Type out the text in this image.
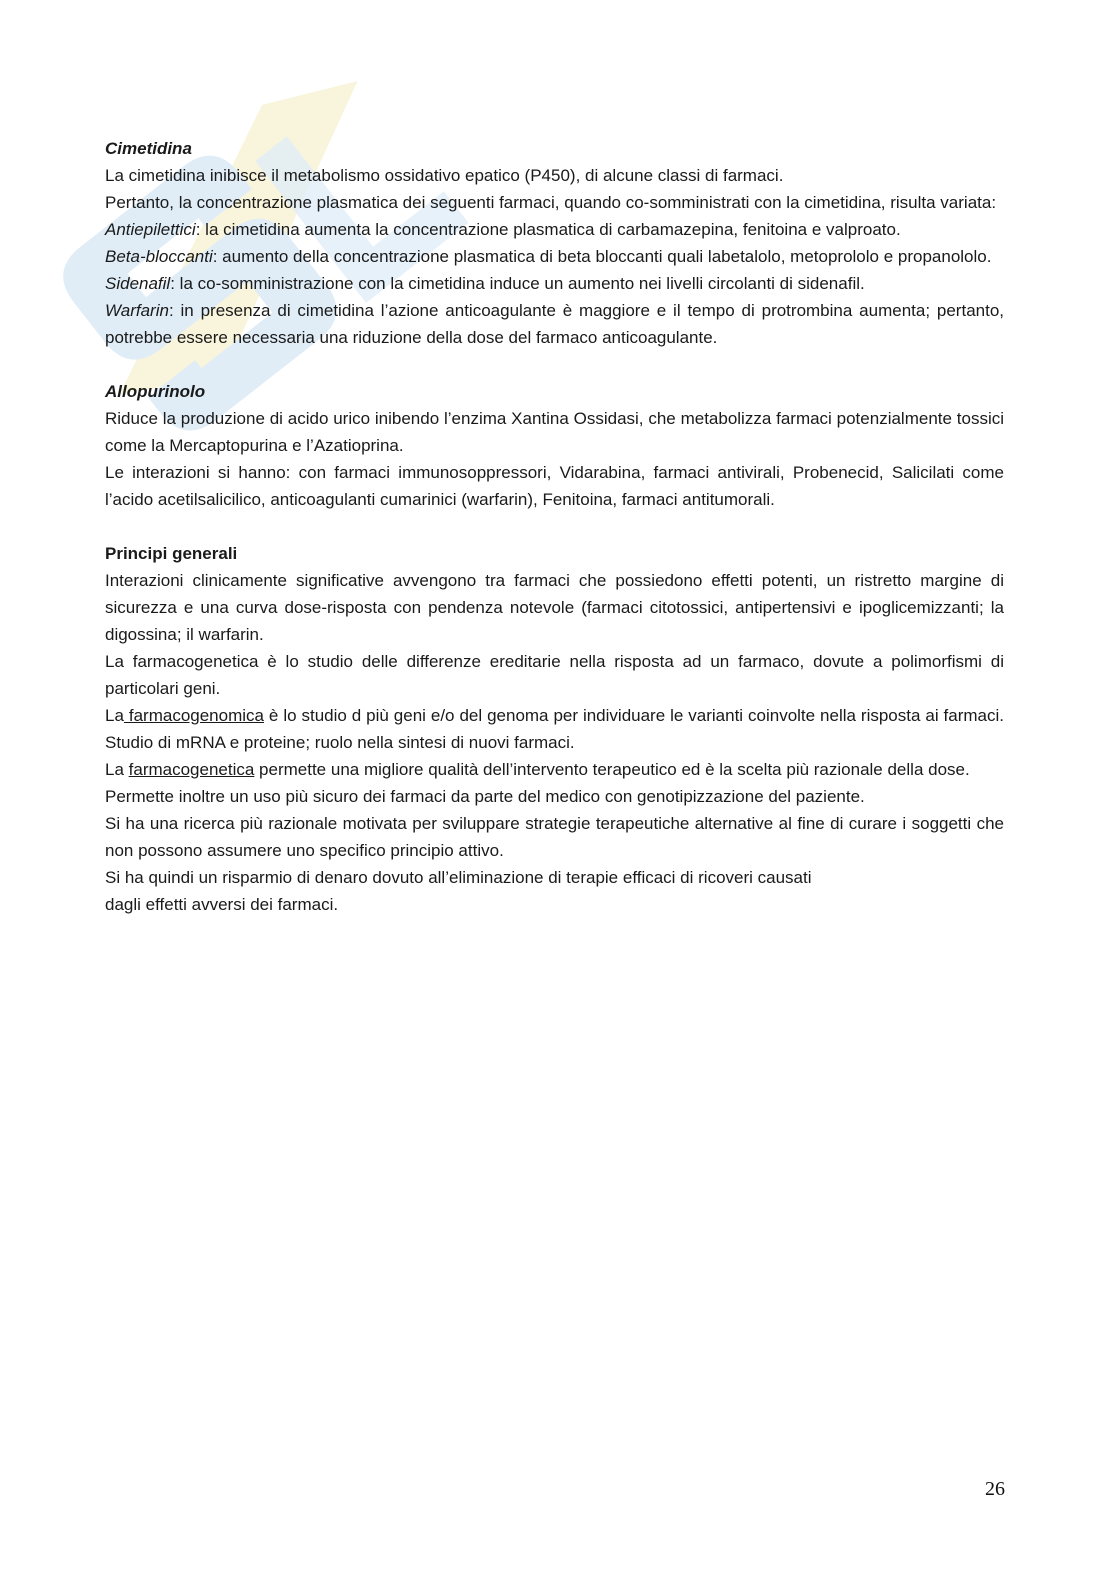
Cimetidina

La cimetidina inibisce il metabolismo ossidativo epatico (P450), di alcune classi di farmaci.

Pertanto, la concentrazione plasmatica dei seguenti farmaci, quando co-somministrati con la cimetidina, risulta variata:

Antiepilettici: la cimetidina aumenta la concentrazione plasmatica di carbamazepina, fenitoina e valproato.

Beta-bloccanti: aumento della concentrazione plasmatica di beta bloccanti quali labetalolo, metoprololo e propanololo.

Sidenafil: la co-somministrazione con la cimetidina induce un aumento nei livelli circolanti di sidenafil.

Warfarin: in presenza di cimetidina l’azione anticoagulante è maggiore e il tempo di protrombina aumenta; pertanto, potrebbe essere necessaria una riduzione della dose del farmaco anticoagulante.

Allopurinolo

Riduce la produzione di acido urico inibendo l’enzima Xantina Ossidasi, che metabolizza farmaci potenzialmente tossici come la Mercaptopurina e l’Azatioprina.

Le interazioni si hanno: con farmaci immunosoppressori, Vidarabina, farmaci antivirali, Probenecid, Salicilati come l’acido acetilsalicilico, anticoagulanti cumarinici (warfarin), Fenitoina, farmaci antitumorali.

Principi generali

Interazioni clinicamente significative avvengono tra farmaci che possiedono effetti potenti, un ristretto margine di sicurezza e una curva dose-risposta con pendenza notevole (farmaci citotossici, antipertensivi e ipoglicemizzanti; la digossina; il warfarin.

La farmacogenetica è lo studio delle differenze ereditarie nella risposta ad un farmaco, dovute a polimorfismi di particolari geni.

La farmacogenomica è lo studio d più geni e/o del genoma per individuare le varianti coinvolte nella risposta ai farmaci. Studio di mRNA e proteine; ruolo nella sintesi di nuovi farmaci.

La farmacogenetica permette una migliore qualità dell’intervento terapeutico ed è la scelta più razionale della dose.

Permette inoltre un uso più sicuro dei farmaci da parte del medico con genotipizzazione del paziente.

Si ha una ricerca più razionale motivata per sviluppare strategie terapeutiche alternative al fine di curare i soggetti che non possono assumere uno specifico principio attivo.

Si ha quindi un risparmio di denaro dovuto all’eliminazione di terapie efficaci di ricoveri causati

dagli effetti avversi dei farmaci.

26
